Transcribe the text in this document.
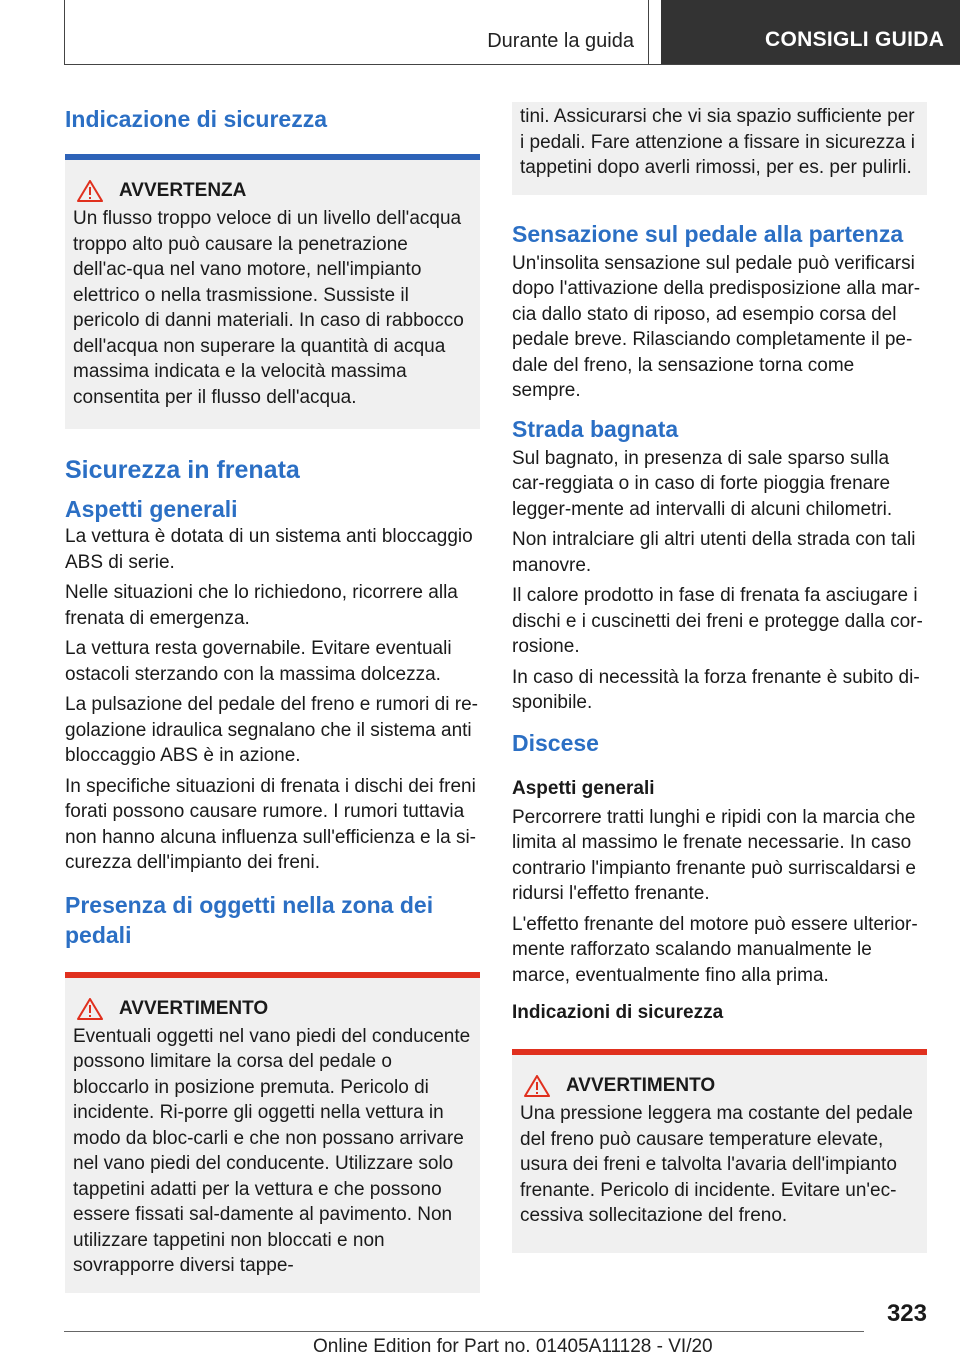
Durante la guida	CONSIGLI GUIDA
Indicazione di sicurezza
AVVERTENZA

Un flusso troppo veloce di un livello dell'acqua troppo alto può causare la penetrazione dell'ac‐qua nel vano motore, nell'impianto elettrico o nella trasmissione. Sussiste il pericolo di danni materiali. In caso di rabbocco dell'acqua non superare la quantità di acqua massima indicata e la velocità massima consentita per il flusso dell'acqua.

Sicurezza in frenata
Aspetti generali

La vettura è dotata di un sistema anti bloccaggio ABS di serie.

Nelle situazioni che lo richiedono, ricorrere alla frenata di emergenza.

La vettura resta governabile. Evitare eventuali ostacoli sterzando con la massima dolcezza.

La pulsazione del pedale del freno e rumori di re‐golazione idraulica segnalano che il sistema anti bloccaggio ABS è in azione.

In specifiche situazioni di frenata i dischi dei freni forati possono causare rumore. I rumori tuttavia non hanno alcuna influenza sull'efficienza e la si‐curezza dell'impianto dei freni.

Presenza di oggetti nella zona dei pedali
AVVERTIMENTO

Eventuali oggetti nel vano piedi del conducente possono limitare la corsa del pedale o bloccarlo in posizione premuta. Pericolo di incidente. Ri‐porre gli oggetti nella vettura in modo da bloc‐carli e che non possano arrivare nel vano piedi del conducente. Utilizzare solo tappetini adatti per la vettura e che possono essere fissati sal‐damente al pavimento. Non utilizzare tappetini non bloccati e non sovrapporre diversi tappe‐

tini. Assicurarsi che vi sia spazio sufficiente per i pedali. Fare attenzione a fissare in sicurezza i tappetini dopo averli rimossi, per es. per pulirli.

Sensazione sul pedale alla partenza

Un'insolita sensazione sul pedale può verificarsi dopo l'attivazione della predisposizione alla mar‐cia dallo stato di riposo, ad esempio corsa del pedale breve. Rilasciando completamente il pe‐dale del freno, la sensazione torna come sempre.

Strada bagnata

Sul bagnato, in presenza di sale sparso sulla car‐reggiata o in caso di forte pioggia frenare legger‐mente ad intervalli di alcuni chilometri.

Non intralciare gli altri utenti della strada con tali manovre.

Il calore prodotto in fase di frenata fa asciugare i dischi e i cuscinetti dei freni e protegge dalla cor‐rosione.

In caso di necessità la forza frenante è subito di‐sponibile.

Discese
Aspetti generali

Percorrere tratti lunghi e ripidi con la marcia che limita al massimo le frenate necessarie. In caso contrario l'impianto frenante può surriscaldarsi e ridursi l'effetto frenante.

L'effetto frenante del motore può essere ulterior‐mente rafforzato scalando manualmente le marce, eventualmente fino alla prima.

Indicazioni di sicurezza
AVVERTIMENTO

Una pressione leggera ma costante del pedale del freno può causare temperature elevate, usura dei freni e talvolta l'avaria dell'impianto frenante. Pericolo di incidente. Evitare un'ec‐cessiva sollecitazione del freno.

323
Online Edition for Part no. 01405A11128 - VI/20
